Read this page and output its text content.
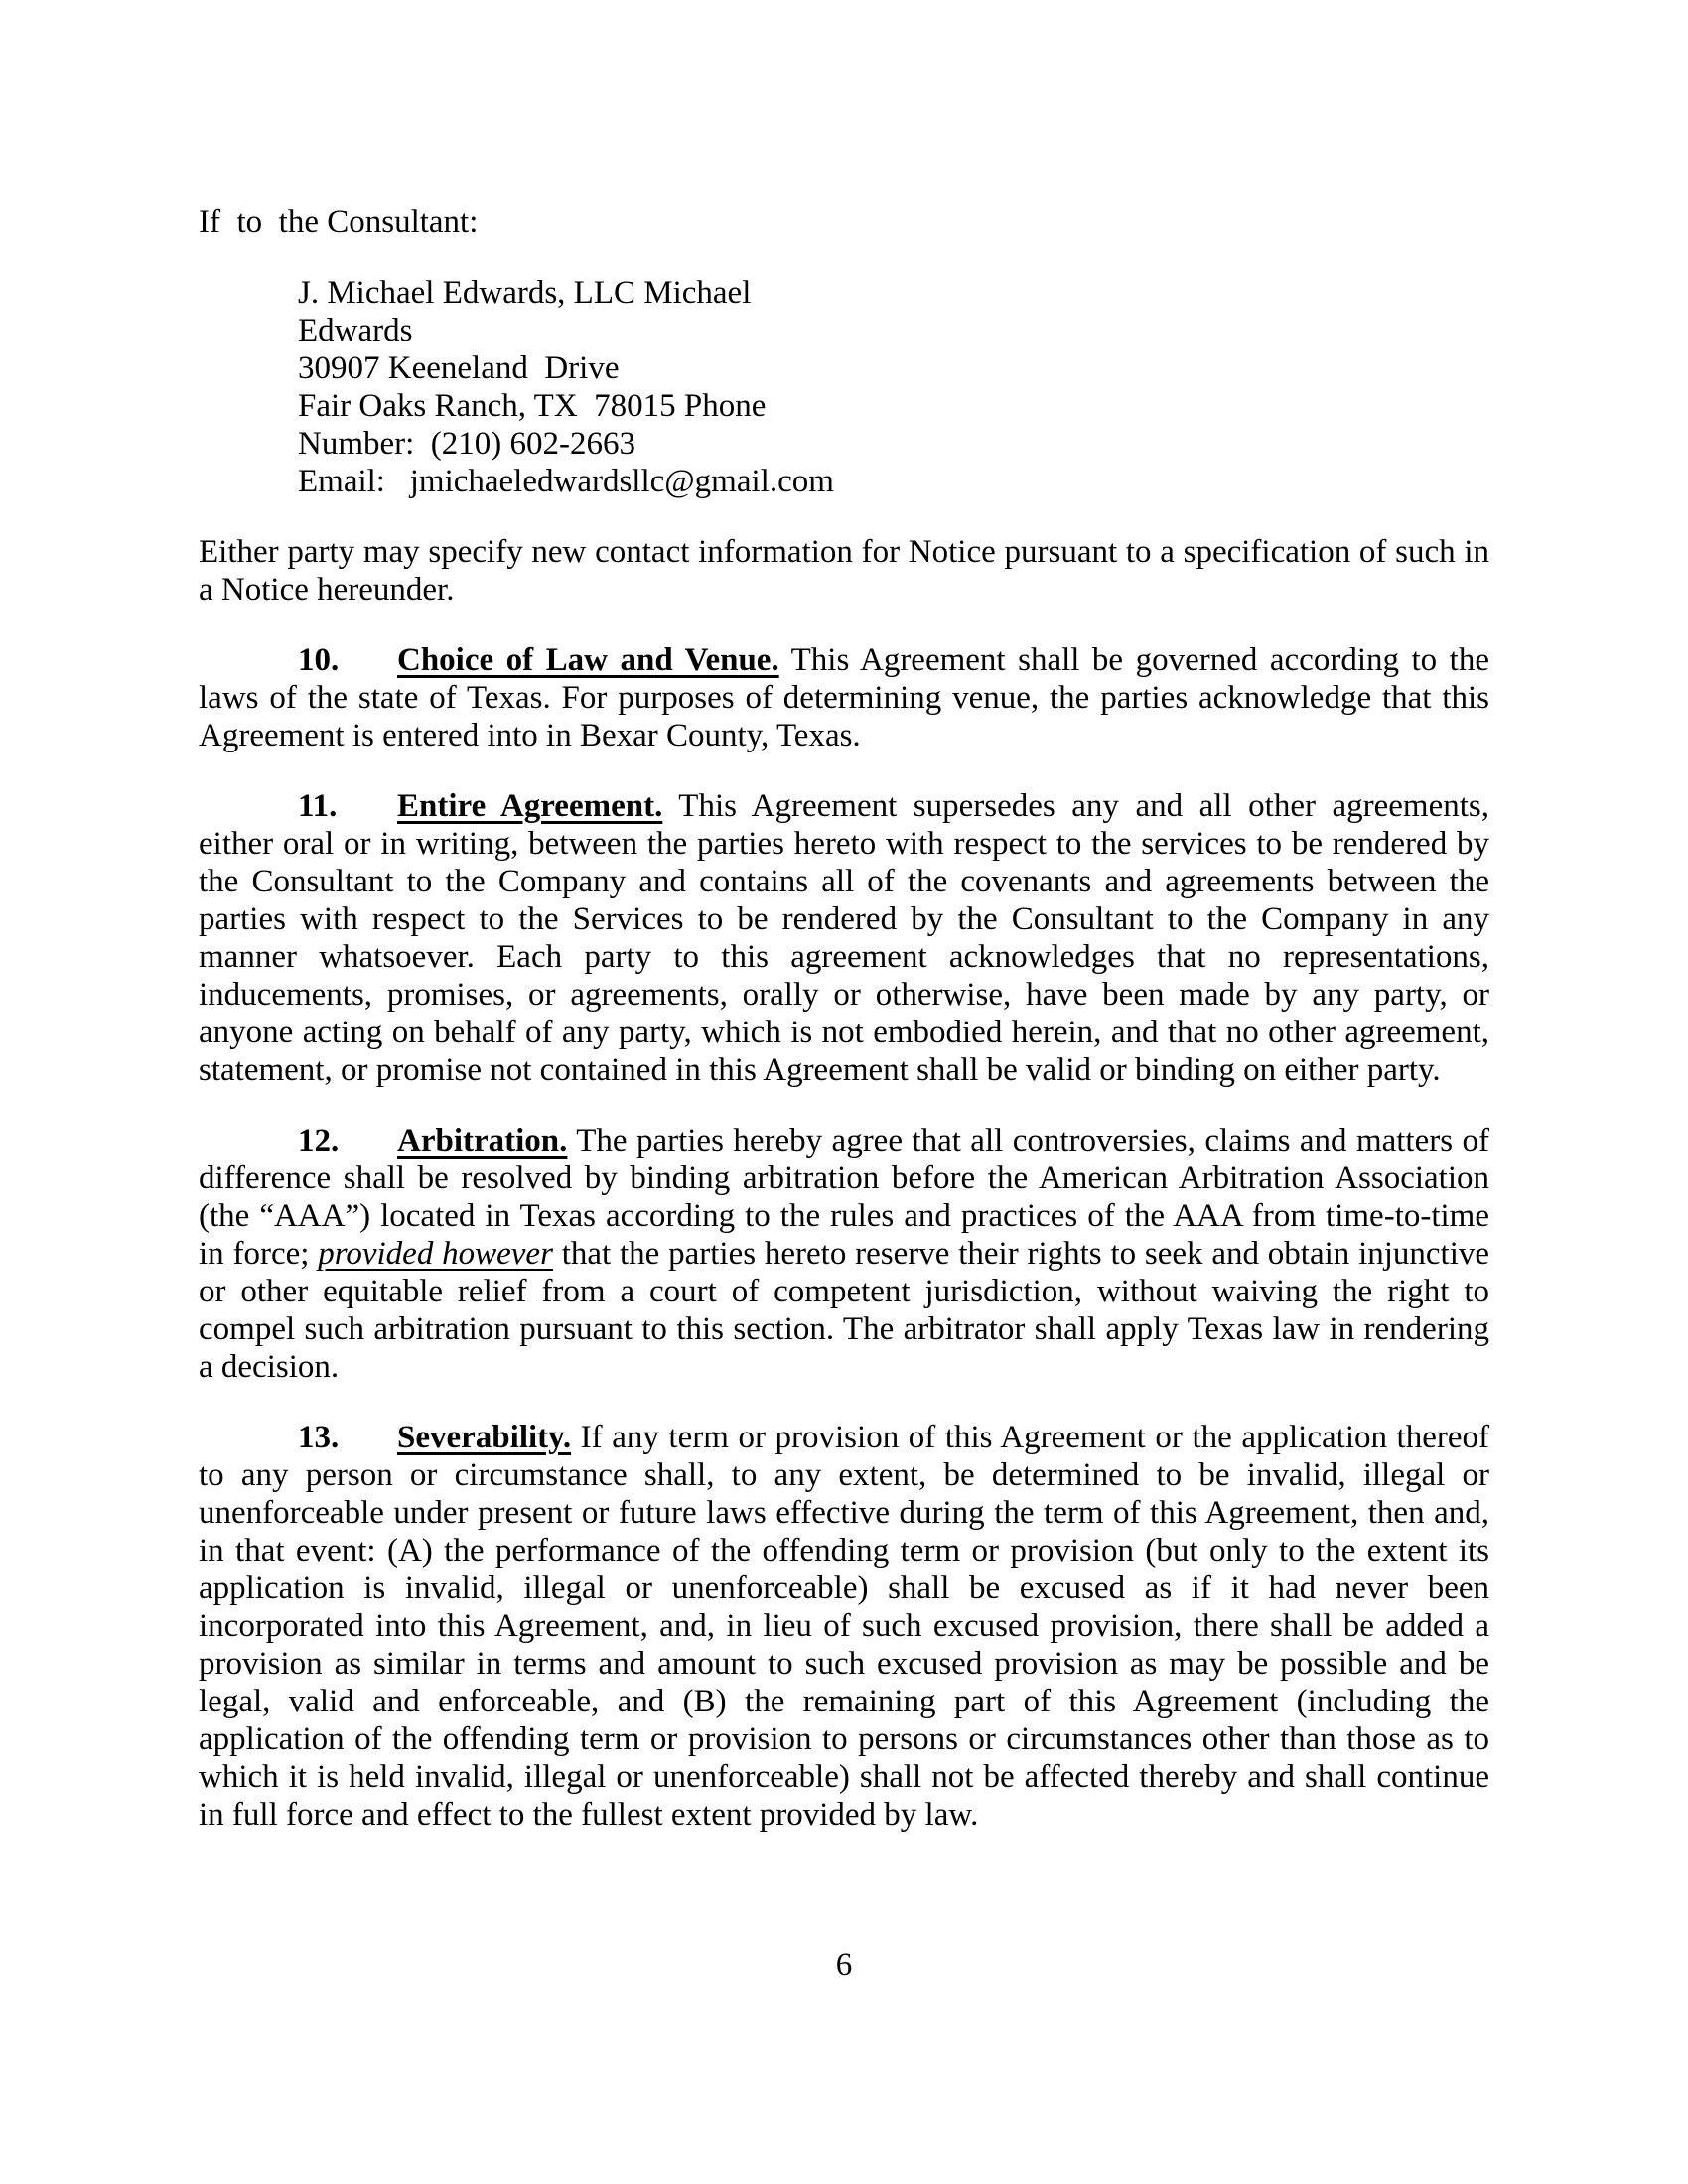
If  to  the Consultant:

J. Michael Edwards, LLC Michael

Edwards

30907 Keeneland  Drive

Fair Oaks Ranch, TX  78015 Phone

Number:  (210) 602-2663

Email:   jmichaeledwardsllc@gmail.com

Either party may specify new contact information for Notice pursuant to a specification of such in a Notice hereunder.

10. Choice of Law and Venue. This Agreement shall be governed according to the laws of the state of Texas. For purposes of determining venue, the parties acknowledge that this Agreement is entered into in Bexar County, Texas.

11. Entire Agreement. This Agreement supersedes any and all other agreements, either oral or in writing, between the parties hereto with respect to the services to be rendered by the Consultant to the Company and contains all of the covenants and agreements between the parties with respect to the Services to be rendered by the Consultant to the Company in any manner whatsoever. Each party to this agreement acknowledges that no representations, inducements, promises, or agreements, orally or otherwise, have been made by any party, or anyone acting on behalf of any party, which is not embodied herein, and that no other agreement, statement, or promise not contained in this Agreement shall be valid or binding on either party.

12. Arbitration. The parties hereby agree that all controversies, claims and matters of difference shall be resolved by binding arbitration before the American Arbitration Association (the “AAA”) located in Texas according to the rules and practices of the AAA from time-to-time in force; provided however that the parties hereto reserve their rights to seek and obtain injunctive or other equitable relief from a court of competent jurisdiction, without waiving the right to compel such arbitration pursuant to this section. The arbitrator shall apply Texas law in rendering a decision.

13. Severability. If any term or provision of this Agreement or the application thereof to any person or circumstance shall, to any extent, be determined to be invalid, illegal or unenforceable under present or future laws effective during the term of this Agreement, then and, in that event: (A) the performance of the offending term or provision (but only to the extent its application is invalid, illegal or unenforceable) shall be excused as if it had never been incorporated into this Agreement, and, in lieu of such excused provision, there shall be added a provision as similar in terms and amount to such excused provision as may be possible and be legal, valid and enforceable, and (B) the remaining part of this Agreement (including the application of the offending term or provision to persons or circumstances other than those as to which it is held invalid, illegal or unenforceable) shall not be affected thereby and shall continue in full force and effect to the fullest extent provided by law.

6
